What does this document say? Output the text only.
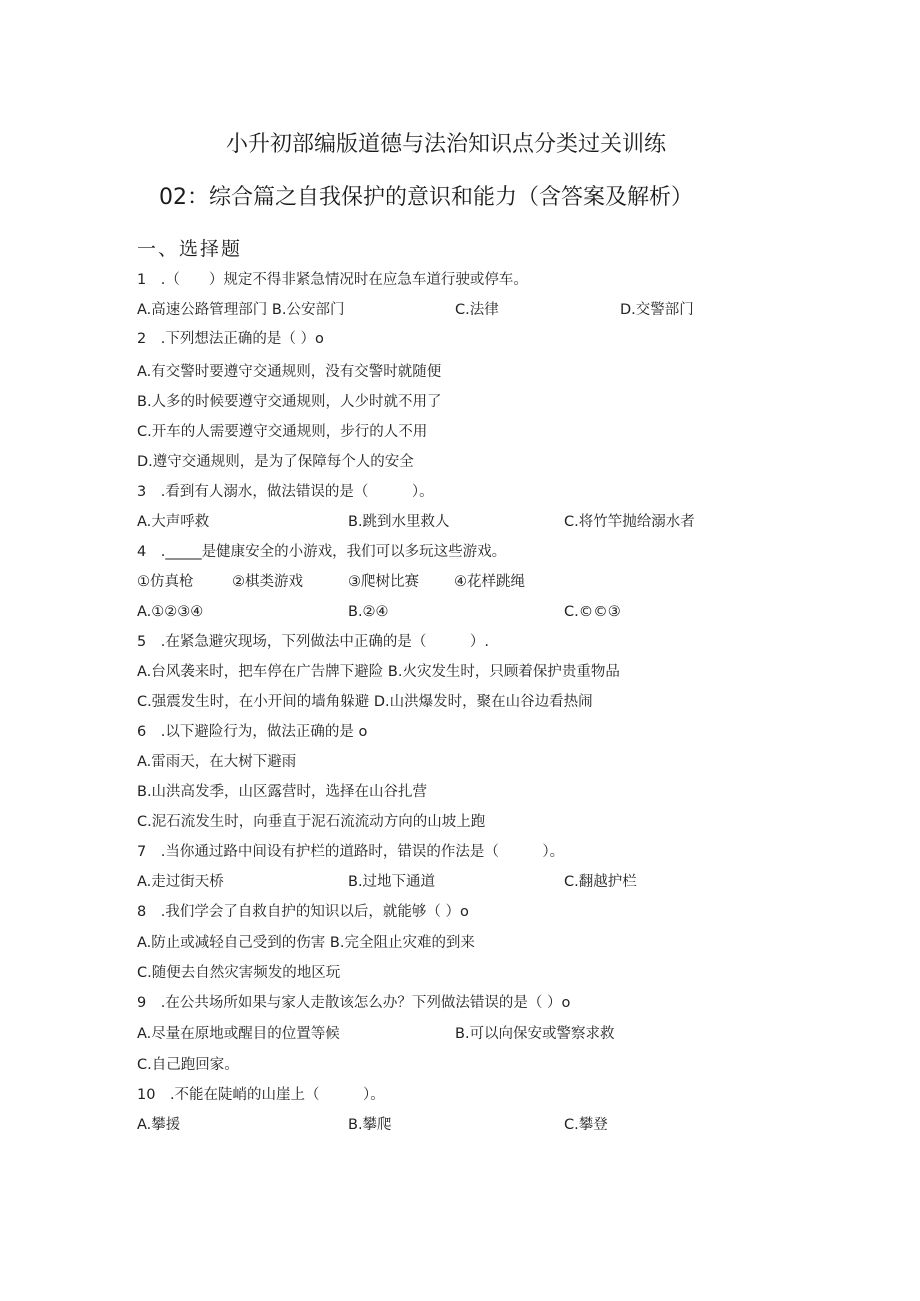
小升初部编版道德与法治知识点分类过关训练
02：综合篇之自我保护的意识和能力（含答案及解析）
一、选择题
1　.（　　）规定不得非紧急情况时在应急车道行驶或停车。
A.高速公路管理部门 B.公安部门	C.法律	D.交警部门
2　.下列想法正确的是（ ）o
A.有交警时要遵守交通规则，没有交警时就随便
B.人多的时候要遵守交通规则，人少时就不用了
C.开车的人需要遵守交通规则，步行的人不用
D.遵守交通规则，是为了保障每个人的安全
3　.看到有人溺水，做法错误的是（　　　）。
A.大声呼救	B.跳到水里救人	C.将竹竿抛给溺水者
4　._____是健康安全的小游戏，我们可以多玩这些游戏。
①仿真枪	②棋类游戏	③爬树比赛 ④花样跳绳
A.①②③④	B.②④	C.©©③
5　.在紧急避灾现场，下列做法中正确的是（　　　）.
A.台风袭来时，把车停在广告牌下避险 B.火灾发生时，只顾着保护贵重物品
C.强震发生时，在小开间的墙角躲避 D.山洪爆发时，聚在山谷边看热闹
6　.以下避险行为，做法正确的是 o
A.雷雨天，在大树下避雨
B.山洪高发季，山区露营时，选择在山谷扎营
C.泥石流发生时，向垂直于泥石流流动方向的山坡上跑
7　.当你通过路中间设有护栏的道路时，错误的作法是（　　　）。
A.走过街天桥	B.过地下通道	C.翻越护栏
8　.我们学会了自救自护的知识以后，就能够（ ）o
A.防止或减轻自己受到的伤害 B.完全阻止灾难的到来
C.随便去自然灾害频发的地区玩
9　.在公共场所如果与家人走散该怎么办？下列做法错误的是（ ）o
A.尽量在原地或醒目的位置等候	B.可以向保安或警察求救
C.自己跑回家。
10　.不能在陡峭的山崖上（　　　）。
A.攀援	B.攀爬	C.攀登
